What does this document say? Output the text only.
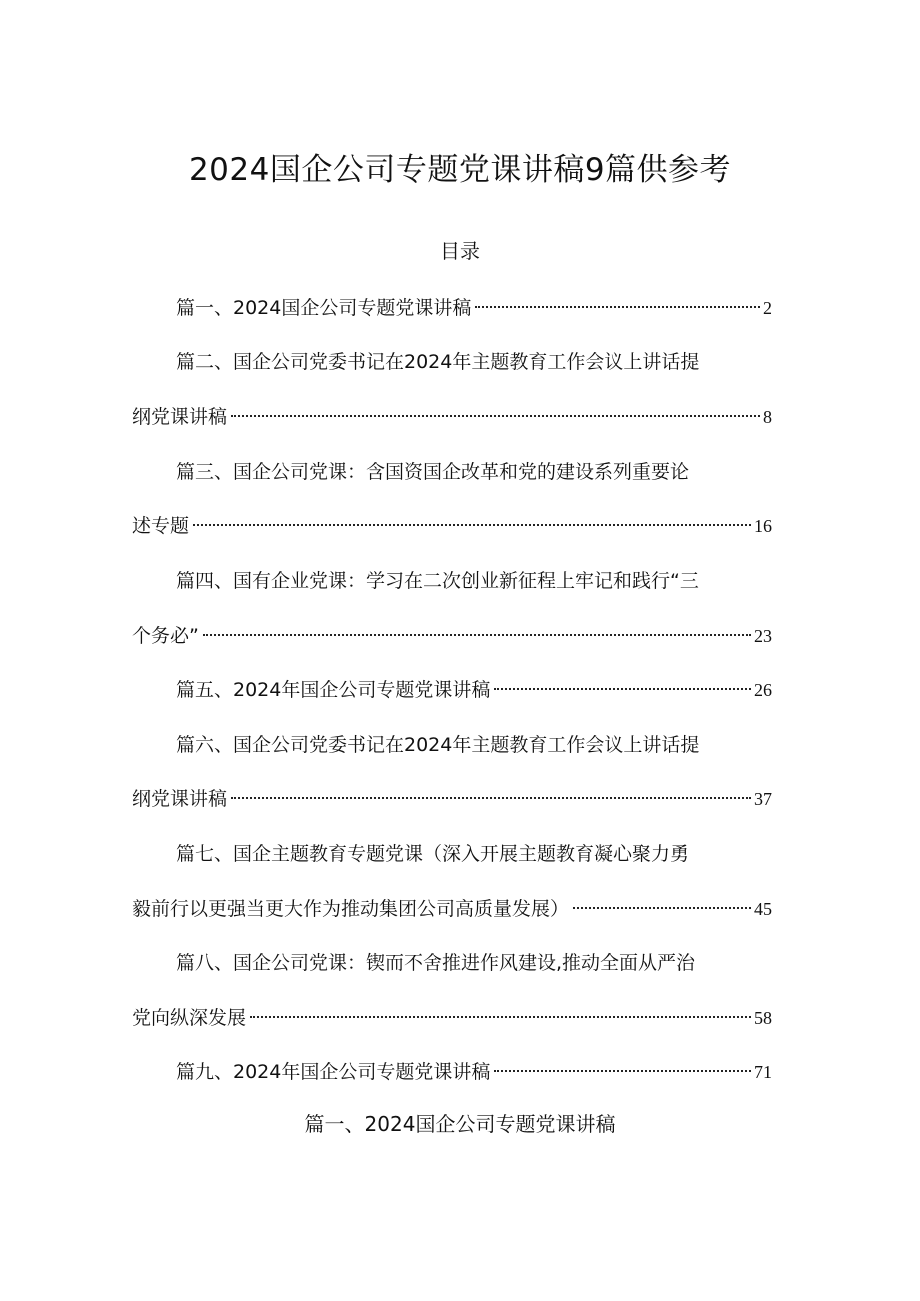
2024国企公司专题党课讲稿9篇供参考
目录
篇一、2024国企公司专题党课讲稿	2
篇二、国企公司党委书记在2024年主题教育工作会议上讲话提
纲党课讲稿	8
篇三、国企公司党课：含国资国企改革和党的建设系列重要论
述专题	16
篇四、国有企业党课：学习在二次创业新征程上牢记和践行“三
个务必”	23
篇五、2024年国企公司专题党课讲稿	26
篇六、国企公司党委书记在2024年主题教育工作会议上讲话提
纲党课讲稿	37
篇七、国企主题教育专题党课（深入开展主题教育凝心聚力勇
毅前行以更强当更大作为推动集团公司高质量发展）	45
篇八、国企公司党课：锲而不舍推进作风建设,推动全面从严治
党向纵深发展	58
篇九、2024年国企公司专题党课讲稿	71
篇一、2024国企公司专题党课讲稿
